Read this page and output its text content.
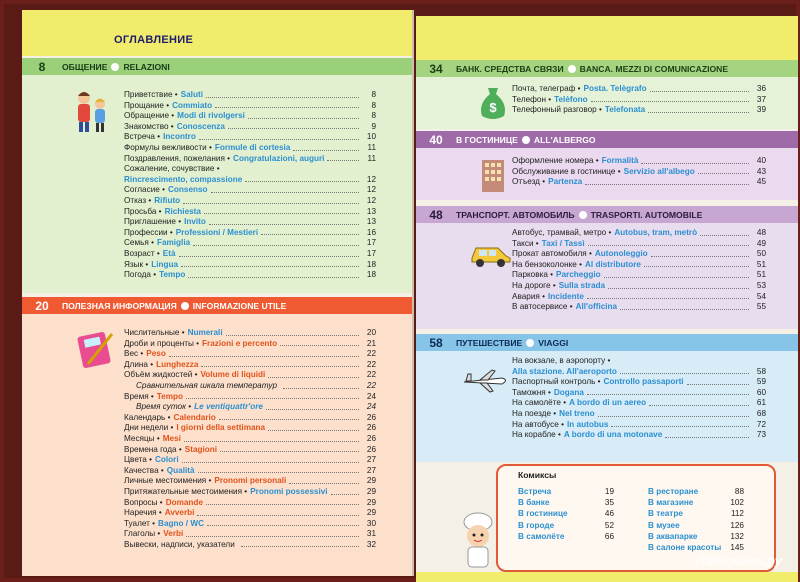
ОГЛАВЛЕНИЕ
8	ОБЩЕНИЕ RELAZIONI
Приветствие • Saluti	8
Прощание • Commiato	8
Обращение • Modi di rivolgersi	8
Знакомство • Conoscenza	9
Встреча • Incontro	10
Формулы вежливости • Formule di cortesia	11
Поздравления, пожелания • Congratulazioni, auguri	11
Сожаление, сочувствие •
Rincrescimento, compassione	12
Согласие • Consenso	12
Отказ • Rifiuto	12
Просьба • Richiesta	13
Приглашение • Invito	13
Профессии • Professioni / Mestieri	16
Семья • Famiglia	17
Возраст • Età	17
Язык • Lingua	18
Погода • Tempo	18
20	ПОЛЕЗНАЯ ИНФОРМАЦИЯ INFORMAZIONE UTILE
Числительные • Numerali	20
Дроби и проценты • Frazioni e percento	21
Вес • Peso	22
Длина • Lunghezza	22
Объём жидкостей • Volume di liquidi	22
Сравнительная шкала температур	22
Время • Tempo	24
Время суток • Le ventiquattr'ore	24
Календарь • Calendario	26
Дни недели • I giorni della settimana	26
Месяцы • Mesi	26
Времена года • Stagioni	26
Цвета • Colori	27
Качества • Qualità	27
Личные местоимения • Pronomi personali	29
Притяжательные местоимения • Pronomi possessivi	29
Вопросы • Domande	29
Наречия • Avverbi	29
Туалет • Bagno / WC	30
Глаголы • Verbi	31
Вывески, надписи, указатели	32
34	БАНК. СРЕДСТВА СВЯЗИ BANCA. MEZZI DI COMUNICAZIONE
$
Почта, телеграф • Posta. Telègrafo	36
Телефон • Telèfono	37
Телефонный разговор • Telefonata	39
40	В ГОСТИНИЦЕ ALL'ALBERGO
Оформление номера • Formalità	40
Обслуживание в гостинице • Servizio all'albego	43
Отъезд • Partenza	45
48	ТРАНСПОРТ. АВТОМОБИЛЬ TRASPORTI. AUTOMOBILE
Автобус, трамвай, метро • Autobus, tram, metrò	48
Такси • Taxi / Tassì	49
Прокат автомобиля • Autonoleggio	50
На бензоколонке • Al distributore	51
Парковка • Parcheggio	51
На дороге • Sulla strada	53
Авария • Incidente	54
В автосервисе • All'officina	55
58	ПУТЕШЕСТВИЕ VIAGGI
На вокзале, в аэропорту •
Alla stazione. All'aeroporto	58
Паспортный контроль • Controllo passaporti	59
Таможня • Dogana	60
На самолёте • A bordo di un aereo	61
На поезде • Nel treno	68
На автобусе • In autobus	72
На корабле • A bordo di una motonave	73
Комиксы
Встреча	19
В банке	35
В гостинице	46
В городе	52
В самолёте	66
В ресторане	88
В магазине	102
В театре	112
В музее	126
В аквапарке	132
В салоне красоты	145
Лабиринт.ру
